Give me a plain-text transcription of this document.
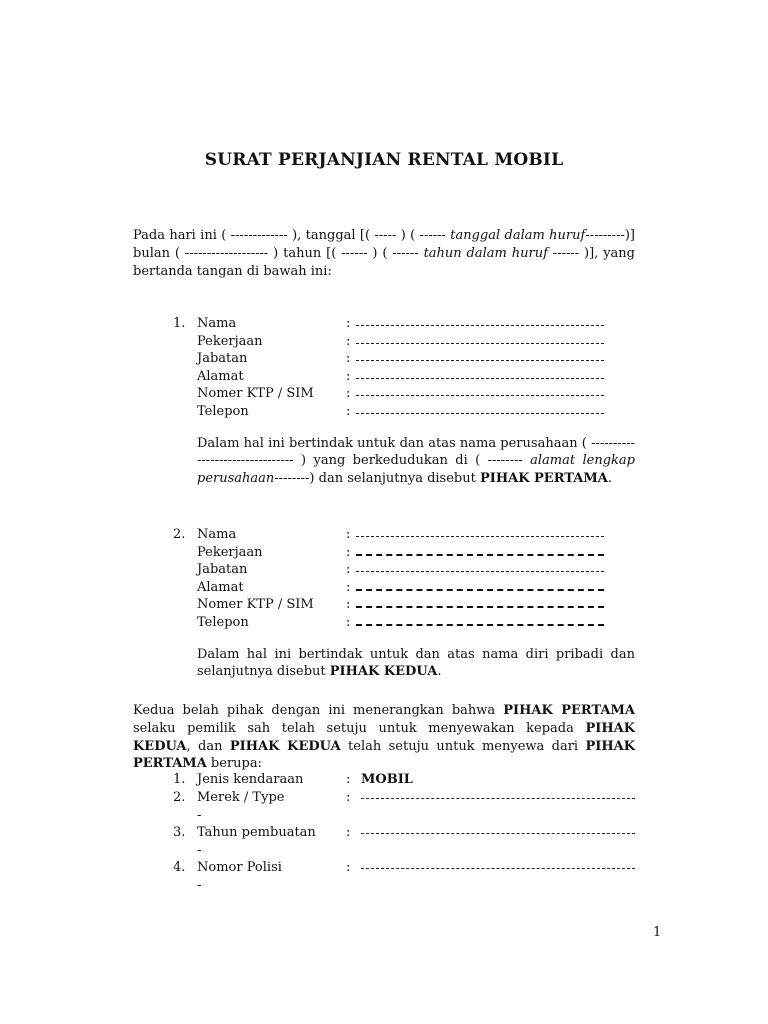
SURAT PERJANJIAN RENTAL MOBIL
Pada hari ini ( ------------- ), tanggal [( ----- ) ( ------ tanggal dalam huruf---------)] bulan ( ------------------- ) tahun [( ------ ) ( ------ tahun dalam huruf ------ )], yang bertanda tangan di bawah ini:
1. Nama	:
Pekerjaan	:
Jabatan	:
Alamat	:
Nomer KTP / SIM :
Telepon	:
Dalam hal ini bertindak untuk dan atas nama perusahaan ( -------------------------------- ) yang berkedudukan di ( -------- alamat lengkap perusahaan--------) dan selanjutnya disebut PIHAK PERTAMA.
2. Nama	:
Pekerjaan	:
Jabatan	:
Alamat	:
Nomer KTP / SIM :
Telepon	:
Dalam hal ini bertindak untuk dan atas nama diri pribadi dan selanjutnya disebut PIHAK KEDUA.
Kedua belah pihak dengan ini menerangkan bahwa PIHAK PERTAMA selaku pemilik sah telah setuju untuk menyewakan kepada PIHAK KEDUA, dan PIHAK KEDUA telah setuju untuk menyewa dari PIHAK PERTAMA berupa:
1. Jenis kendaraan	: MOBIL
2. Merek / Type	:
-
3. Tahun pembuatan :
-
4. Nomor Polisi	:
-
1
